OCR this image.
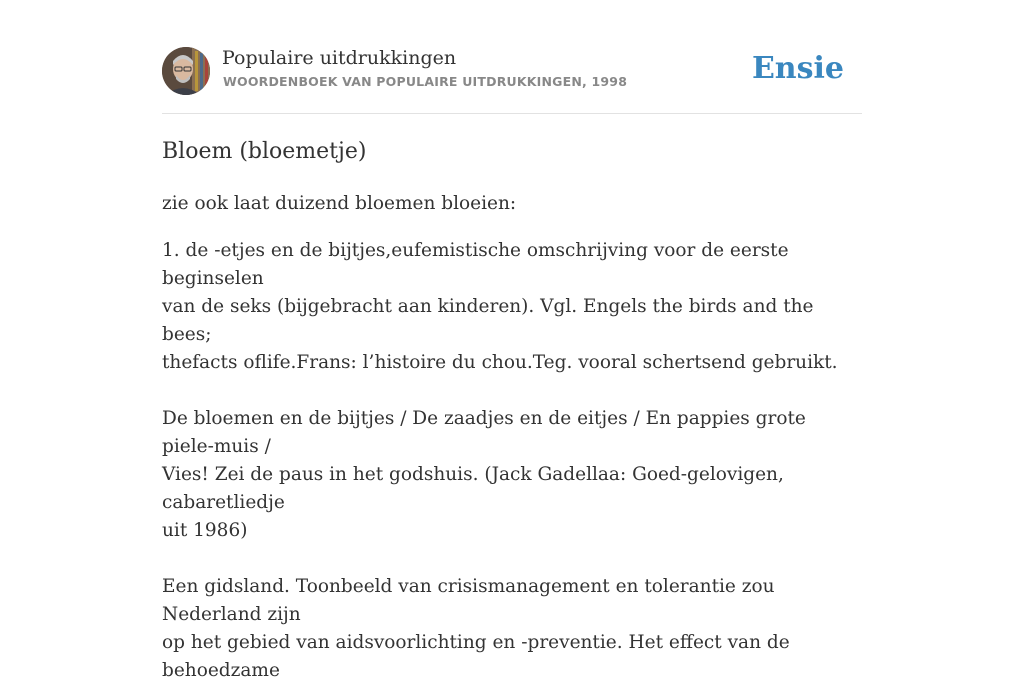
Populaire uitdrukkingen
WOORDENBOEK VAN POPULAIRE UITDRUKKINGEN, 1998	Ensie
Bloem (bloemetje)

zie ook laat duizend bloemen bloeien:

1. de -etjes en de bijtjes,eufemistische omschrijving voor de eerste beginselen
van de seks (bijgebracht aan kinderen). Vgl. Engels the birds and the bees;
thefacts oflife.Frans: l’histoire du chou.Teg. vooral schertsend gebruikt.

De bloemen en de bijtjes / De zaadjes en de eitjes / En pappies grote piele-muis /
Vies! Zei de paus in het godshuis. (Jack Gadellaa: Goed-gelovigen, cabaretliedje
uit 1986)

Een gidsland. Toonbeeld van crisismanagement en tolerantie zou Nederland zijn
op het gebied van aidsvoorlichting en -preventie. Het effect van de behoedzame
